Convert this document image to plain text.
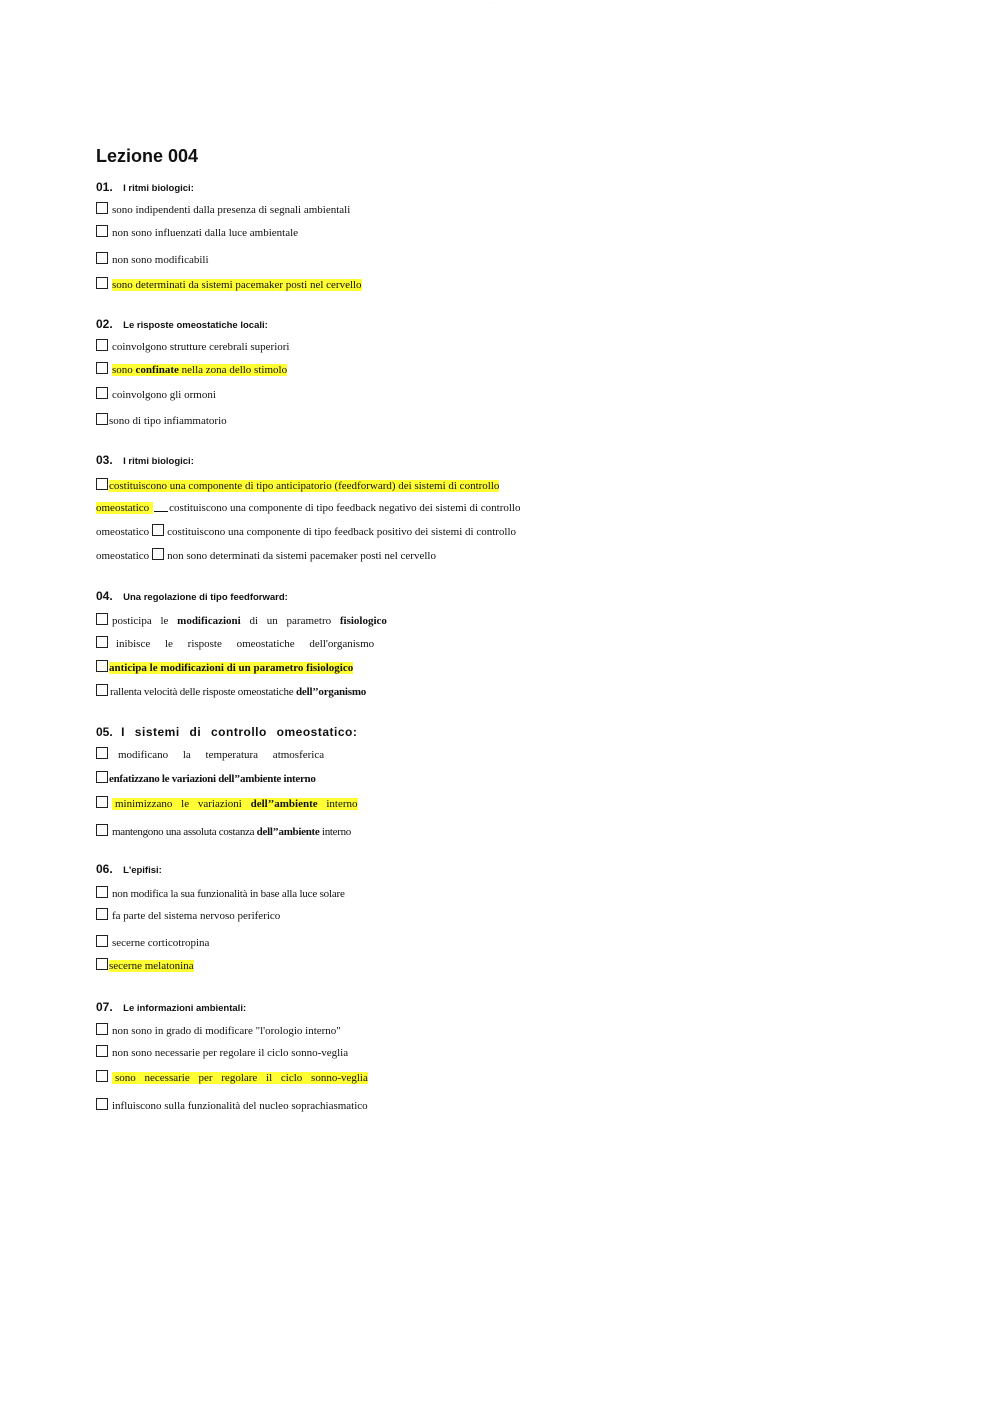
· · · · ·
Lezione 004
01. I ritmi biologici:
sono indipendenti dalla presenza di segnali ambientali
non sono influenzati dalla luce ambientale
non sono modificabili
sono determinati da sistemi pacemaker posti nel cervello
02. Le risposte omeostatiche locali:
coinvolgono strutture cerebrali superiori
sono confinate nella zona dello stimolo
coinvolgono gli ormoni
sono di tipo infiammatorio
03. I ritmi biologici:
costituiscono una componente di tipo anticipatorio (feedforward) dei sistemi di controllo
omeostatico	costituiscono una componente di tipo feedback negativo dei sistemi di controllo
omeostatico costituiscono una componente di tipo feedback positivo dei sistemi di controllo
omeostatico non sono determinati da sistemi pacemaker posti nel cervello
04. Una regolazione di tipo feedforward:
posticipa le modificazioni di un parametro fisiologico
inibisce le risposte omeostatiche dell'organismo
anticipa le modificazioni di un parametro fisiologico
rallenta velocità delle risposte omeostatiche dell’’organismo
05. I sistemi di controllo omeostatico:
modificano la temperatura atmosferica
enfatizzano le variazioni dell’’ambiente interno
minimizzano le variazioni dell’’ambiente interno
mantengono una assoluta costanza dell’’ambiente interno
06. L'epifisi:
non modifica la sua funzionalità in base alla luce solare
fa parte del sistema nervoso periferico
secerne corticotropina
secerne melatonina
07. Le informazioni ambientali:
non sono in grado di modificare "l'orologio interno"
non sono necessarie per regolare il ciclo sonno-veglia
sono necessarie per regolare il ciclo sonno-veglia
influiscono sulla funzionalità del nucleo soprachiasmatico
